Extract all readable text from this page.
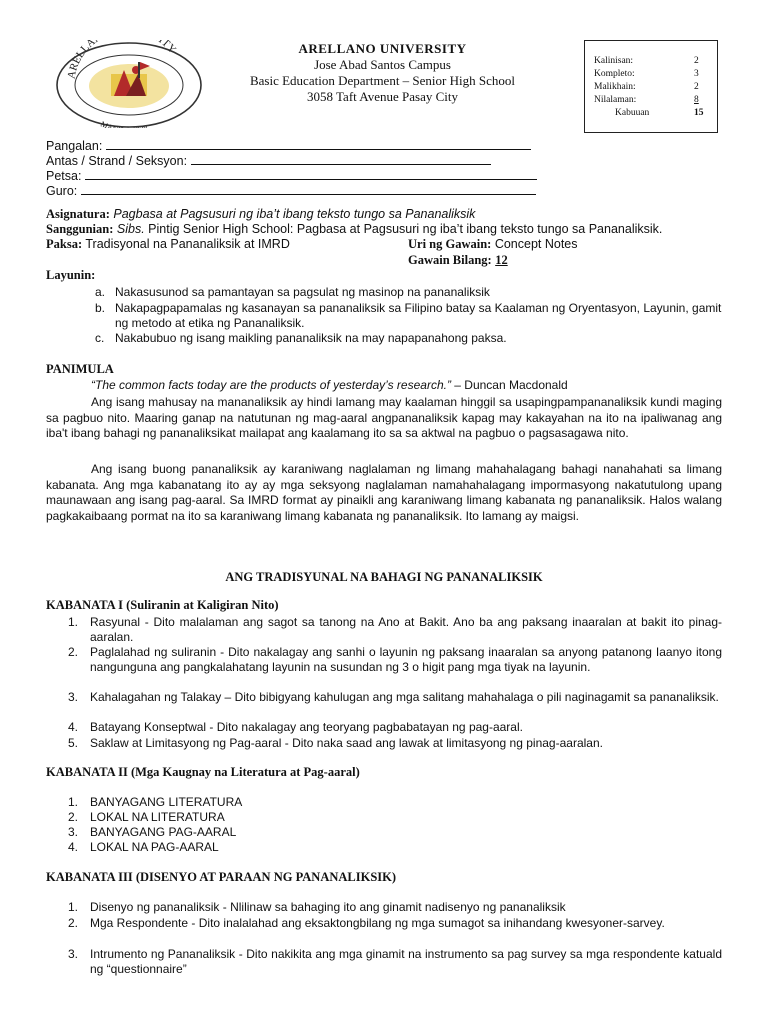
ARELLA TY
MA
ARELLANO UNIVERSITY
Jose Abad Santos Campus
Basic Education Department – Senior High School
3058 Taft Avenue Pasay City
Kalinisan:	2
Kompleto:	3
Malikhain:	2
Nilalaman:	8
Kabuuan	15
Pangalan:
Antas / Strand / Seksyon:
Petsa:
Guro:
Asignatura: Pagbasa at Pagsusuri ng iba’t ibang teksto tungo sa Pananaliksik
Sanggunian: Sibs. Pintig Senior High School: Pagbasa at Pagsusuri ng iba’t ibang teksto tungo sa Pananaliksik.
Paksa: Tradisyonal na Pananaliksik at IMRD	Uri ng Gawain: Concept Notes
Gawain Bilang: 12
Layunin:
a. Nakasusunod sa pamantayan sa pagsulat ng masinop na pananaliksik
b. Nakapagpapamalas ng kasanayan sa pananaliksik sa Filipino batay sa Kaalaman ng Oryentasyon, Layunin, gamit ng metodo at etika ng Pananaliksik.
c. Nakabubuo ng isang maikling pananaliksik na may napapanahong paksa.
PANIMULA
“The common facts today are the products of yesterday’s research.” – Duncan Macdonald
Ang isang mahusay na mananaliksik ay hindi lamang may kaalaman hinggil sa usapingpampananaliksik kundi maging sa pagbuo nito. Maaring ganap na natutunan ng mag-aaral angpananaliksik kapag may kakayahan na ito na ipaliwanag ang iba't ibang bahagi ng pananaliksikat mailapat ang kaalamang ito sa sa aktwal na pagbuo o pagsasagawa nito.
Ang isang buong pananaliksik ay karaniwang naglalaman ng limang mahahalagang bahagi nanahahati sa limang kabanata. Ang mga kabanatang ito ay ay mga seksyong naglalaman namahahalagang impormasyong nakatutulong upang maunawaan ang isang pag-aaral. Sa IMRD format ay pinaikli ang karaniwang limang kabanata ng pananaliksik. Halos walang pagkakaibaang pormat na ito sa karaniwang limang kabanata ng pananaliksik. Ito lamang ay maigsi.
ANG TRADISYUNAL NA BAHAGI NG PANANALIKSIK
KABANATA I (Suliranin at Kaligiran Nito)
1. Rasyunal - Dito malalaman ang sagot sa tanong na Ano at Bakit. Ano ba ang paksang inaaralan at bakit ito pinag-aaralan.
2. Paglalahad ng suliranin - Dito nakalagay ang sanhi o layunin ng paksang inaaralan sa anyong patanong Iaanyo itong nangunguna ang pangkalahatang layunin na susundan ng 3 o higit pang mga tiyak na layunin.
3. Kahalagahan ng Talakay – Dito bibigyang kahulugan ang mga salitang mahahalaga o pili naginagamit sa pananaliksik.
4. Batayang Konseptwal - Dito nakalagay ang teoryang pagbabatayan ng pag-aaral.
5. Saklaw at Limitasyong ng Pag-aaral - Dito naka saad ang lawak at limitasyong ng pinag-aaralan.
KABANATA II (Mga Kaugnay na Literatura at Pag-aaral)
1. BANYAGANG LITERATURA
2. LOKAL NA LITERATURA
3. BANYAGANG PAG-AARAL
4. LOKAL NA PAG-AARAL
KABANATA III (DISENYO AT PARAAN NG PANANALIKSIK)
1. Disenyo ng pananaliksik - Nlilinaw sa bahaging ito ang ginamit nadisenyo ng pananaliksik
2. Mga Respondente - Dito inalalahad ang eksaktongbilang ng mga sumagot sa inihandang kwesyoner-sarvey.
3. Intrumento ng Pananaliksik - Dito nakikita ang mga ginamit na instrumento sa pag survey sa mga respondente katuald ng “questionnaire”
